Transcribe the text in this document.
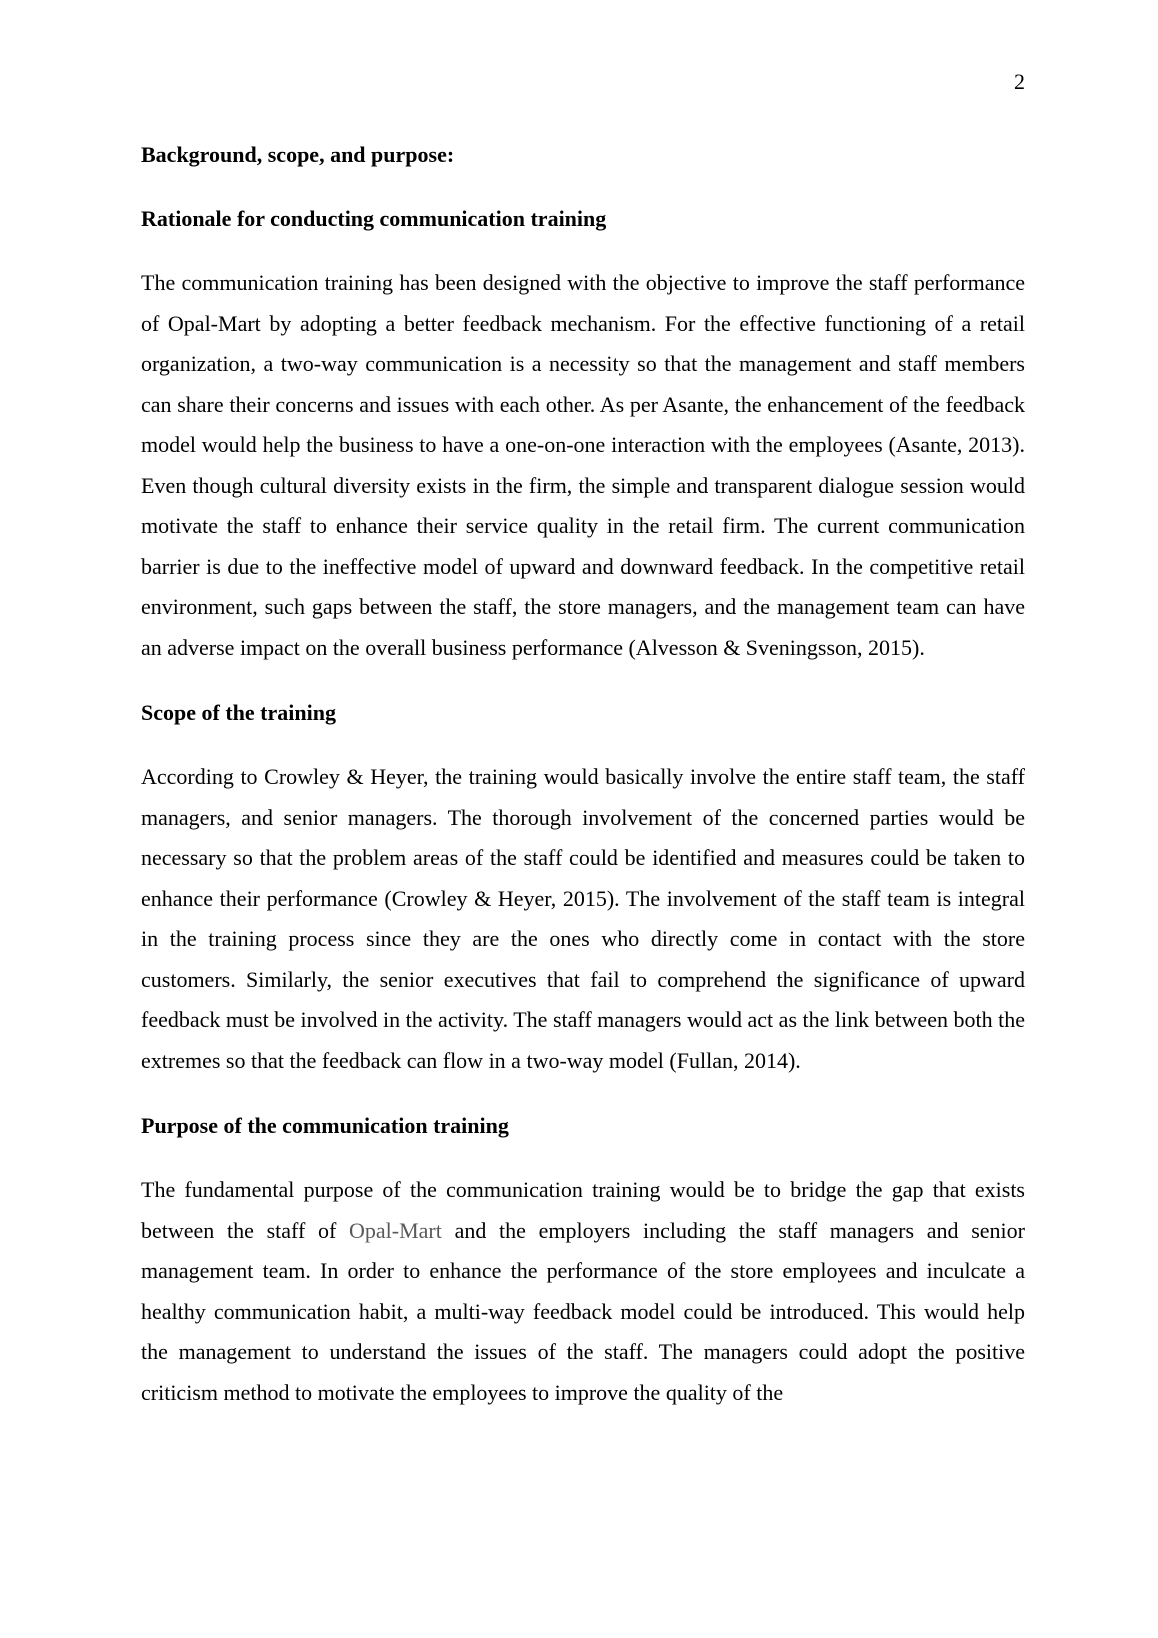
2
Background, scope, and purpose:
Rationale for conducting communication training
The communication training has been designed with the objective to improve the staff performance of Opal-Mart by adopting a better feedback mechanism. For the effective functioning of a retail organization, a two-way communication is a necessity so that the management and staff members can share their concerns and issues with each other. As per Asante, the enhancement of the feedback model would help the business to have a one-on-one interaction with the employees (Asante, 2013). Even though cultural diversity exists in the firm, the simple and transparent dialogue session would motivate the staff to enhance their service quality in the retail firm. The current communication barrier is due to the ineffective model of upward and downward feedback. In the competitive retail environment, such gaps between the staff, the store managers, and the management team can have an adverse impact on the overall business performance (Alvesson & Sveningsson, 2015).
Scope of the training
According to Crowley & Heyer, the training would basically involve the entire staff team, the staff managers, and senior managers. The thorough involvement of the concerned parties would be necessary so that the problem areas of the staff could be identified and measures could be taken to enhance their performance (Crowley & Heyer, 2015). The involvement of the staff team is integral in the training process since they are the ones who directly come in contact with the store customers. Similarly, the senior executives that fail to comprehend the significance of upward feedback must be involved in the activity. The staff managers would act as the link between both the extremes so that the feedback can flow in a two-way model (Fullan, 2014).
Purpose of the communication training
The fundamental purpose of the communication training would be to bridge the gap that exists between the staff of Opal-Mart and the employers including the staff managers and senior management team. In order to enhance the performance of the store employees and inculcate a healthy communication habit, a multi-way feedback model could be introduced. This would help the management to understand the issues of the staff. The managers could adopt the positive criticism method to motivate the employees to improve the quality of the
